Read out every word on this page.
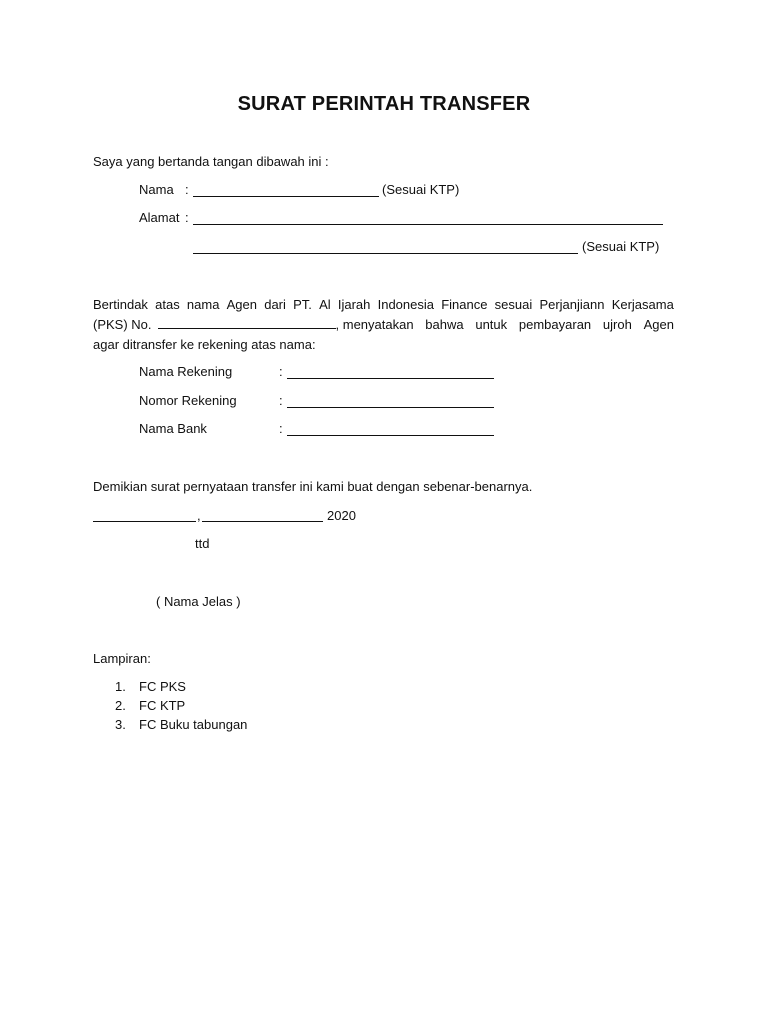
SURAT PERINTAH TRANSFER
Saya yang bertanda tangan dibawah ini :
Nama :	(Sesuai KTP)
Alamat :
(Sesuai KTP)
Bertindak atas nama Agen dari PT. Al Ijarah Indonesia Finance sesuai Perjanjiann Kerjasama
(PKS) No.	, menyatakan bahwa untuk pembayaran ujroh Agen
agar ditransfer ke rekening atas nama:
Nama Rekening	:
Nomor Rekening	:
Nama Bank	:
Demikian surat pernyataan transfer ini kami buat dengan sebenar-benarnya.
,	2020
ttd
( Nama Jelas )
Lampiran:
1. FC PKS
2. FC KTP
3. FC Buku tabungan
